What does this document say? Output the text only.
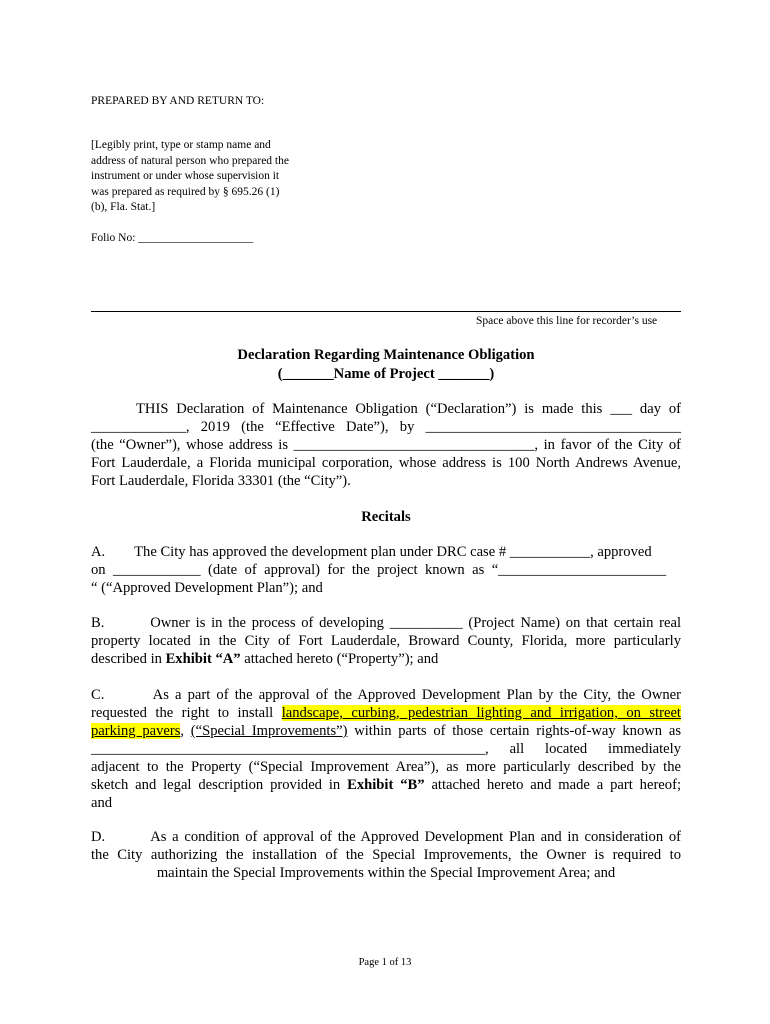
PREPARED BY AND RETURN TO:
[Legibly print, type or stamp name and
address of natural person who prepared the
instrument or under whose supervision it
was prepared as required by § 695.26 (1)
(b), Fla. Stat.]
Folio No: ____________________
Space above this line for recorder’s use
Declaration Regarding Maintenance Obligation
(_______Name of Project _______)
THIS Declaration of Maintenance Obligation (“Declaration”) is made this ___ day of
_____________, 2019 (the “Effective Date”), by ___________________________________
(the “Owner”), whose address is _________________________________, in favor of the City of
Fort Lauderdale, a Florida municipal corporation, whose address is 100 North Andrews Avenue,
Fort Lauderdale, Florida 33301 (the “City”).
Recitals
A.        The City has approved the development plan under DRC case # ___________, approved
on ____________ (date of approval) for the project known as “_______________________
“ (“Approved Development Plan”); and
B.        Owner is in the process of developing __________ (Project Name) on that certain real
property located in the City of Fort Lauderdale, Broward County, Florida, more particularly
described in Exhibit “A” attached hereto (“Property”); and
C.        As a part of the approval of the Approved Development Plan by the City, the Owner
requested the right to install landscape, curbing, pedestrian lighting and irrigation, on street
parking pavers, (“Special Improvements”) within parts of those certain rights-of-way known as
______________________________________________________,   all   located   immediately
adjacent to the Property (“Special Improvement Area”), as more particularly described by the
sketch and legal description provided in Exhibit “B” attached hereto and made a part hereof;
and
D.        As a condition of approval of the Approved Development Plan and in consideration of
the City authorizing the installation of the Special Improvements, the Owner is required to
maintain the Special Improvements within the Special Improvement Area; and
Page 1 of 13
